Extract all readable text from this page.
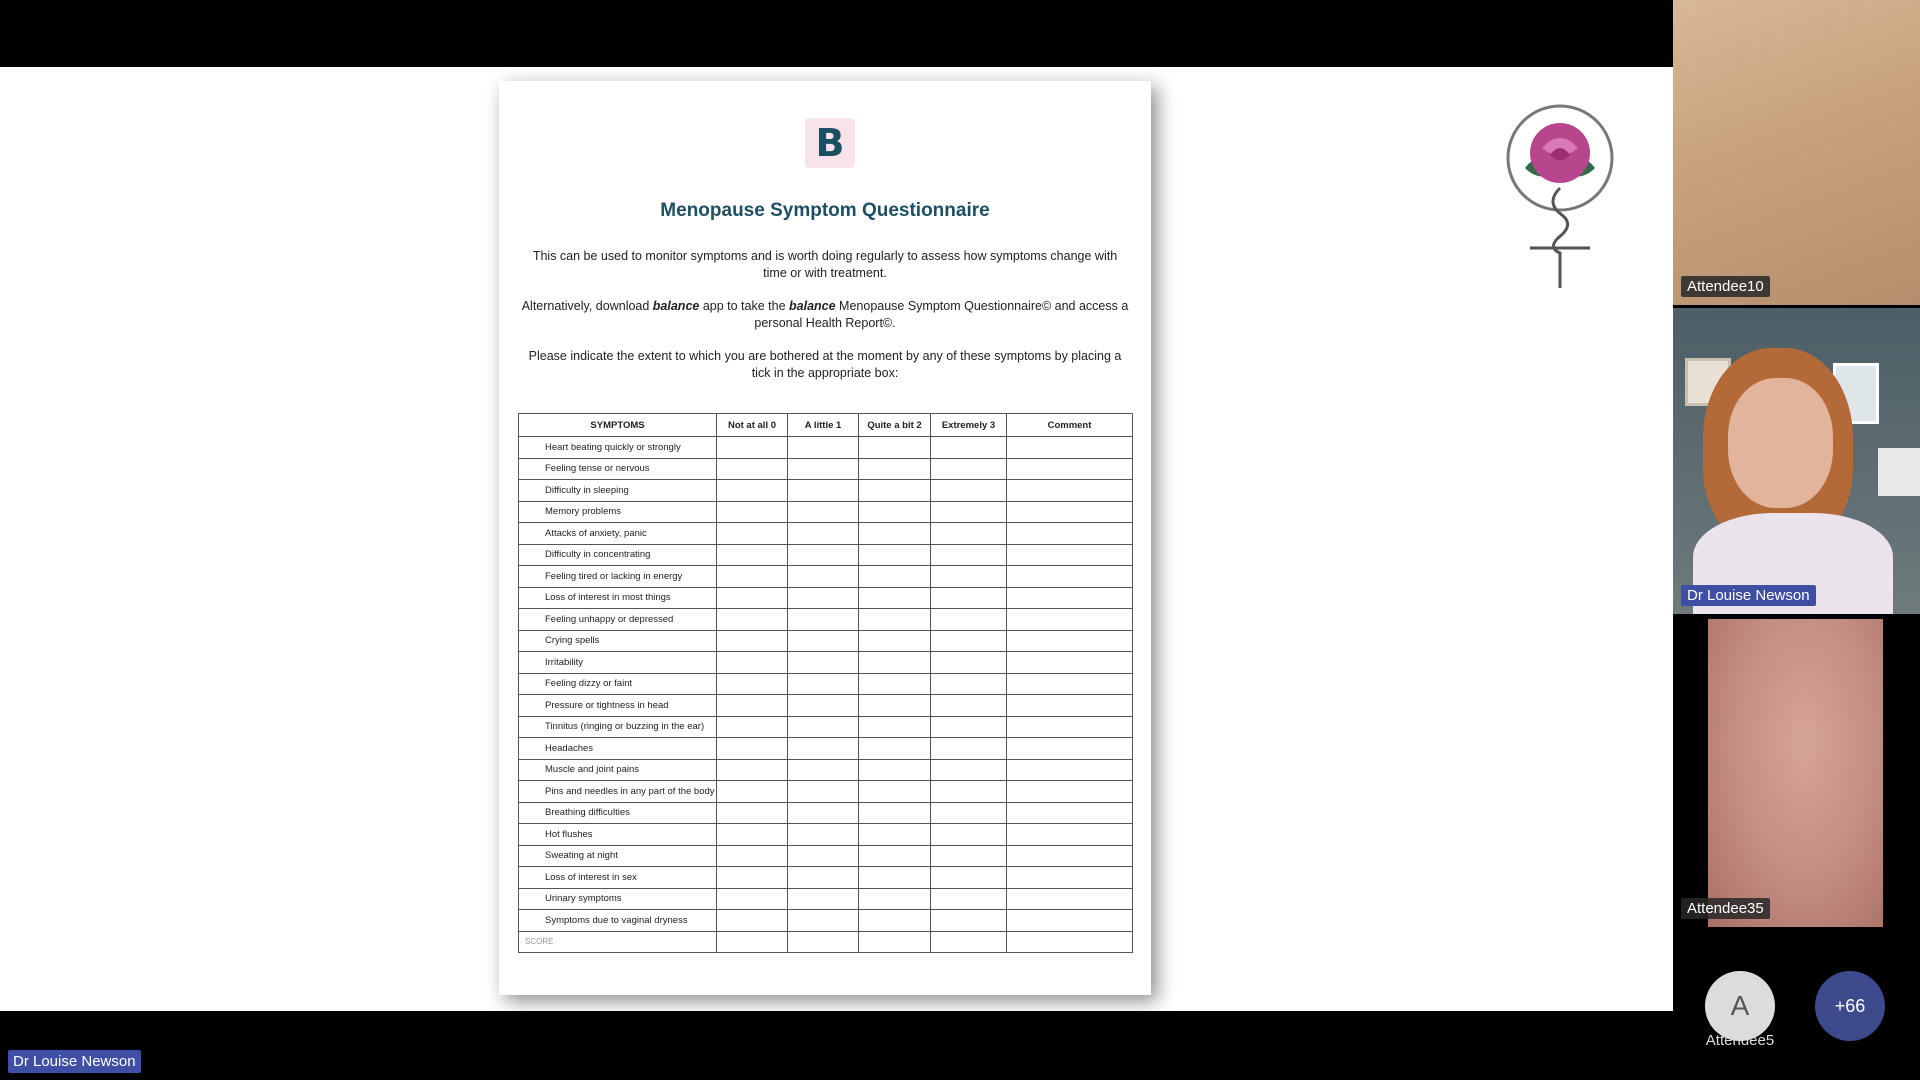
B
Menopause Symptom Questionnaire
This can be used to monitor symptoms and is worth doing regularly to assess how symptoms change with time or with treatment.
Alternatively, download balance app to take the balance Menopause Symptom Questionnaire© and access a personal Health Report©.
Please indicate the extent to which you are bothered at the moment by any of these symptoms by placing a tick in the appropriate box:
SYMPTOMS	Not at all 0	A little 1	Quite a bit 2	Extremely 3	Comment
Heart beating quickly or strongly					
Feeling tense or nervous					
Difficulty in sleeping					
Memory problems					
Attacks of anxiety, panic					
Difficulty in concentrating					
Feeling tired or lacking in energy					
Loss of interest in most things					
Feeling unhappy or depressed					
Crying spells					
Irritability					
Feeling dizzy or faint					
Pressure or tightness in head					
Tinnitus (ringing or buzzing in the ear)					
Headaches					
Muscle and joint pains					
Pins and needles in any part of the body					
Breathing difficulties					
Hot flushes					
Sweating at night					
Loss of interest in sex					
Urinary symptoms					
Symptoms due to vaginal dryness					
SCORE					
Attendee10
Dr Louise Newson
Attendee35
A
Attendee5
+66
Dr Louise Newson
